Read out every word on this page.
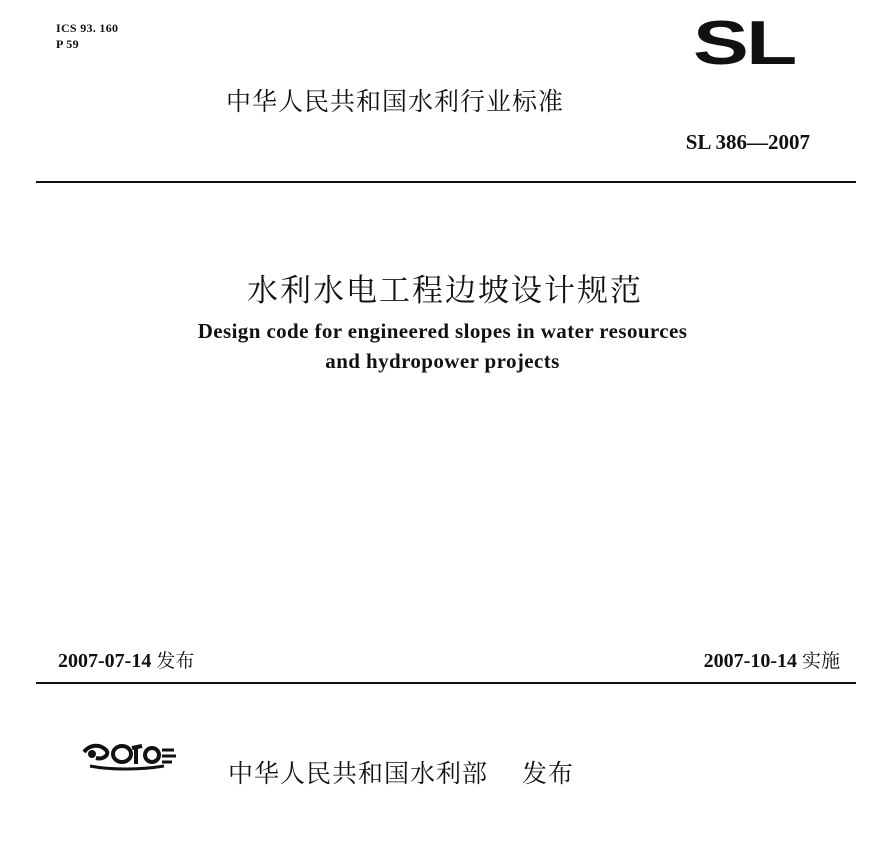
ICS 93. 160
P 59	SL
中华人民共和国水利行业标准
SL 386—2007
水利水电工程边坡设计规范
Design code for engineered slopes in water resources
and hydropower projects
2007-07-14 发布	2007-10-14 实施
中华人民共和国水利部 发布
